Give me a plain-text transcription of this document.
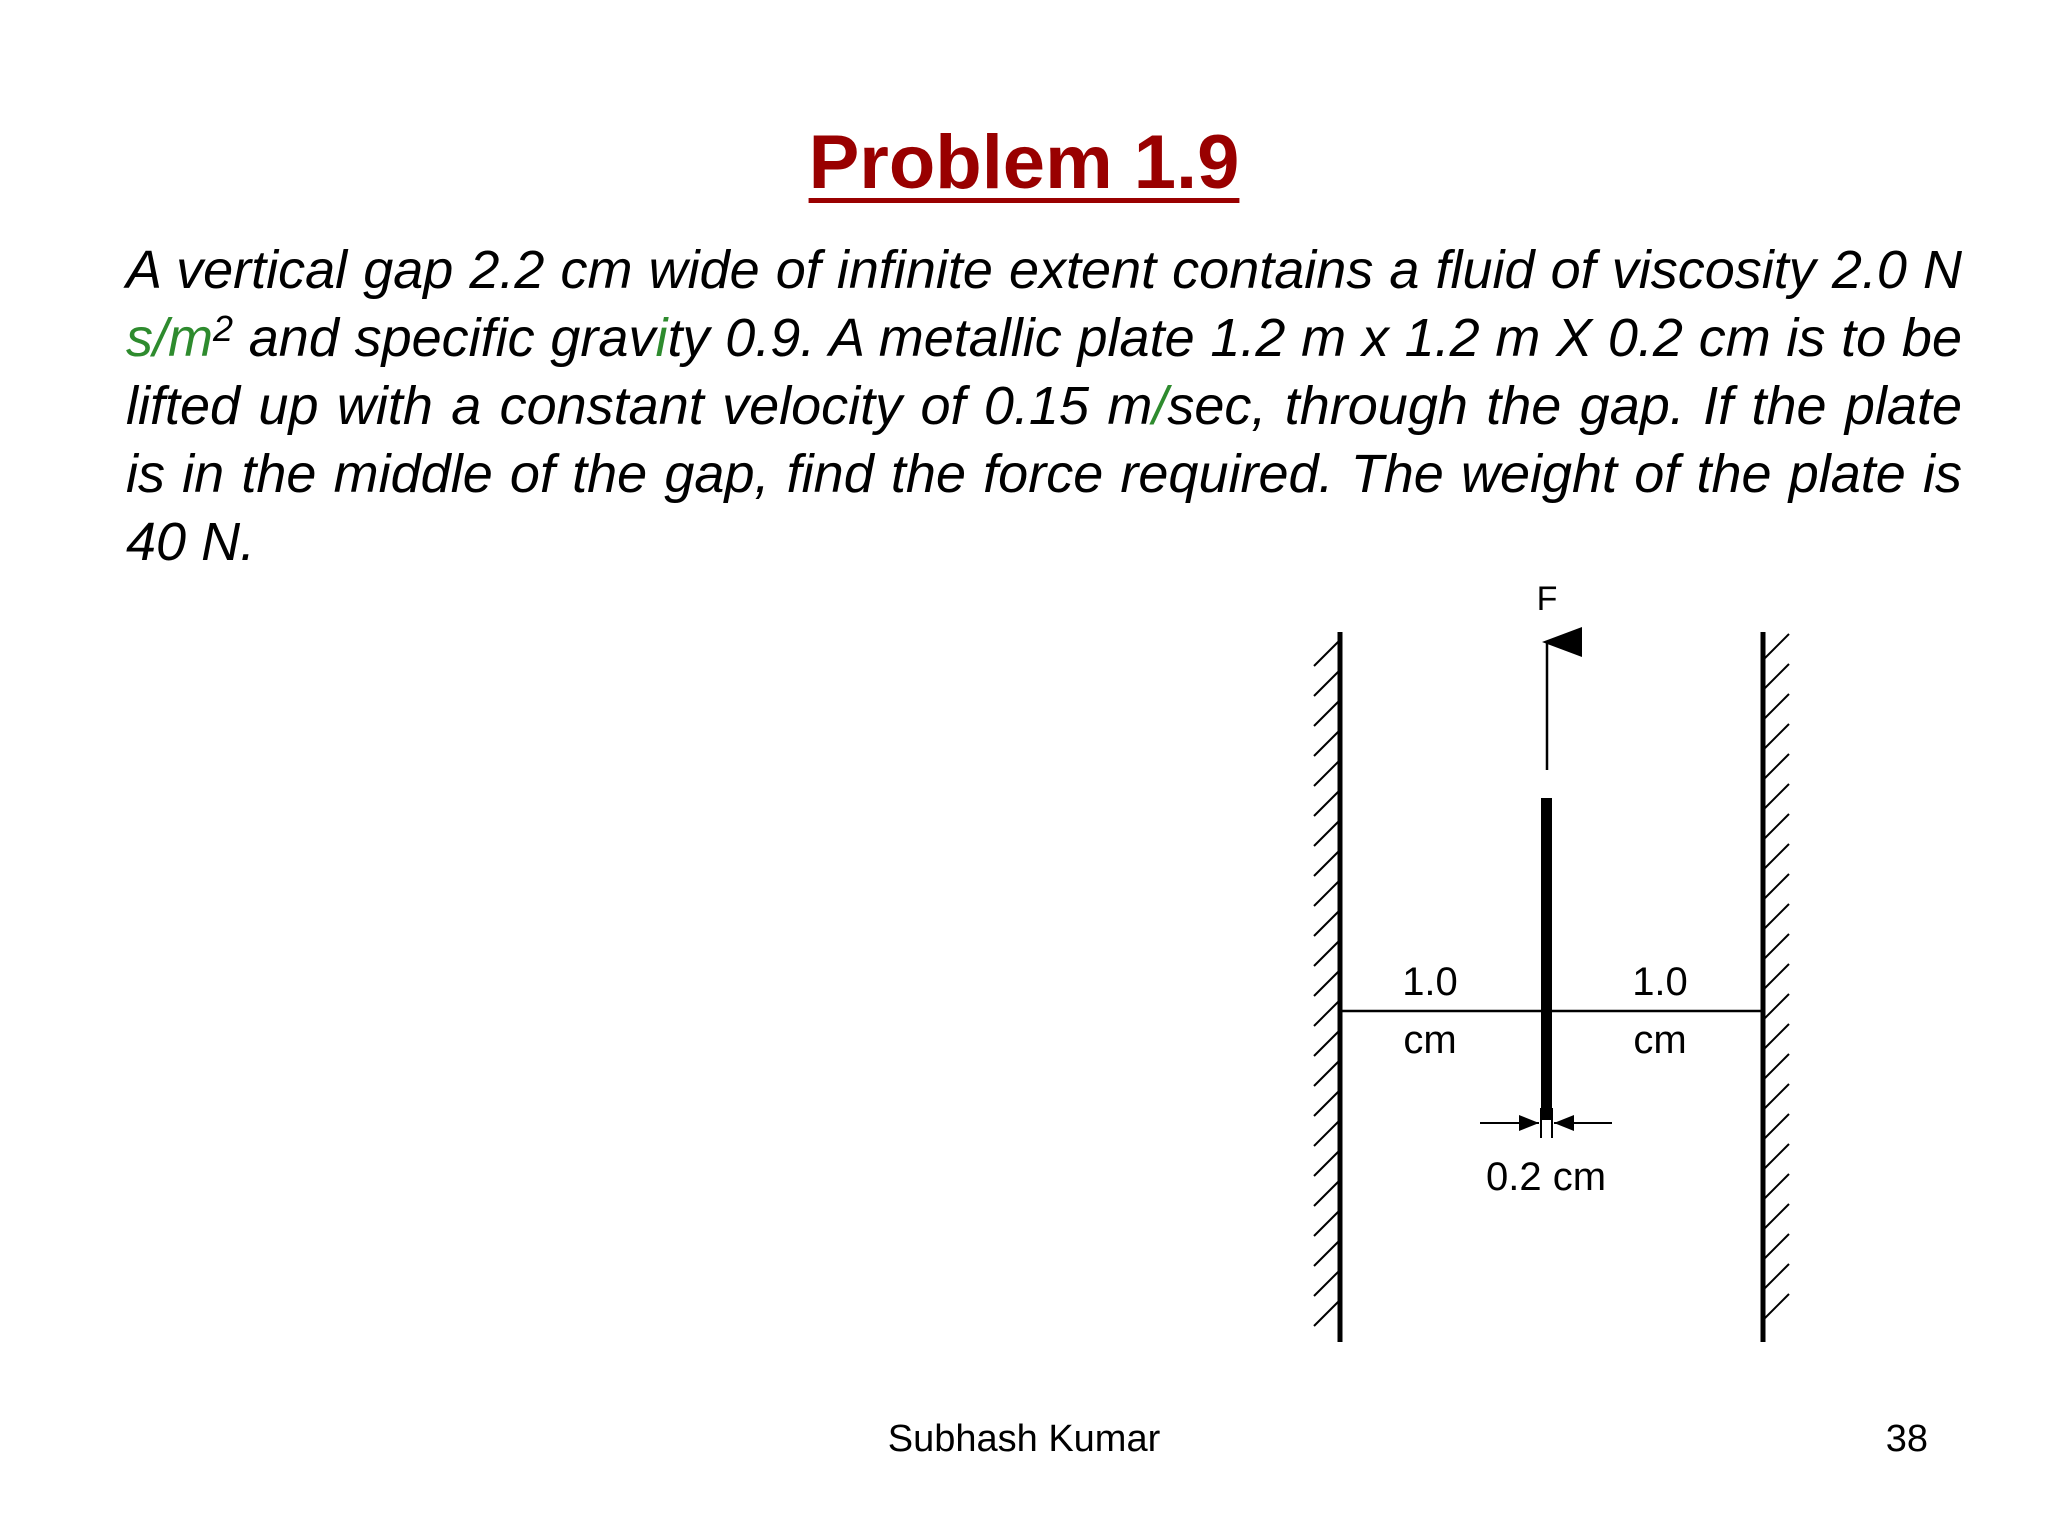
Problem 1.9

A vertical gap 2.2 cm wide of infinite extent contains a fluid of viscosity 2.0 N $s/m^2$ and specific gravity 0.9. A metallic plate 1.2 m x 1.2 m X 0.2 cm is to be lifted up with a constant velocity of 0.15 m/sec, through the gap. If the plate is in the middle of the gap, find the force required. The weight of the plate is 40 N.

F
1.0
cm
1.0
cm
0.2 cm
Subhash Kumar	38
